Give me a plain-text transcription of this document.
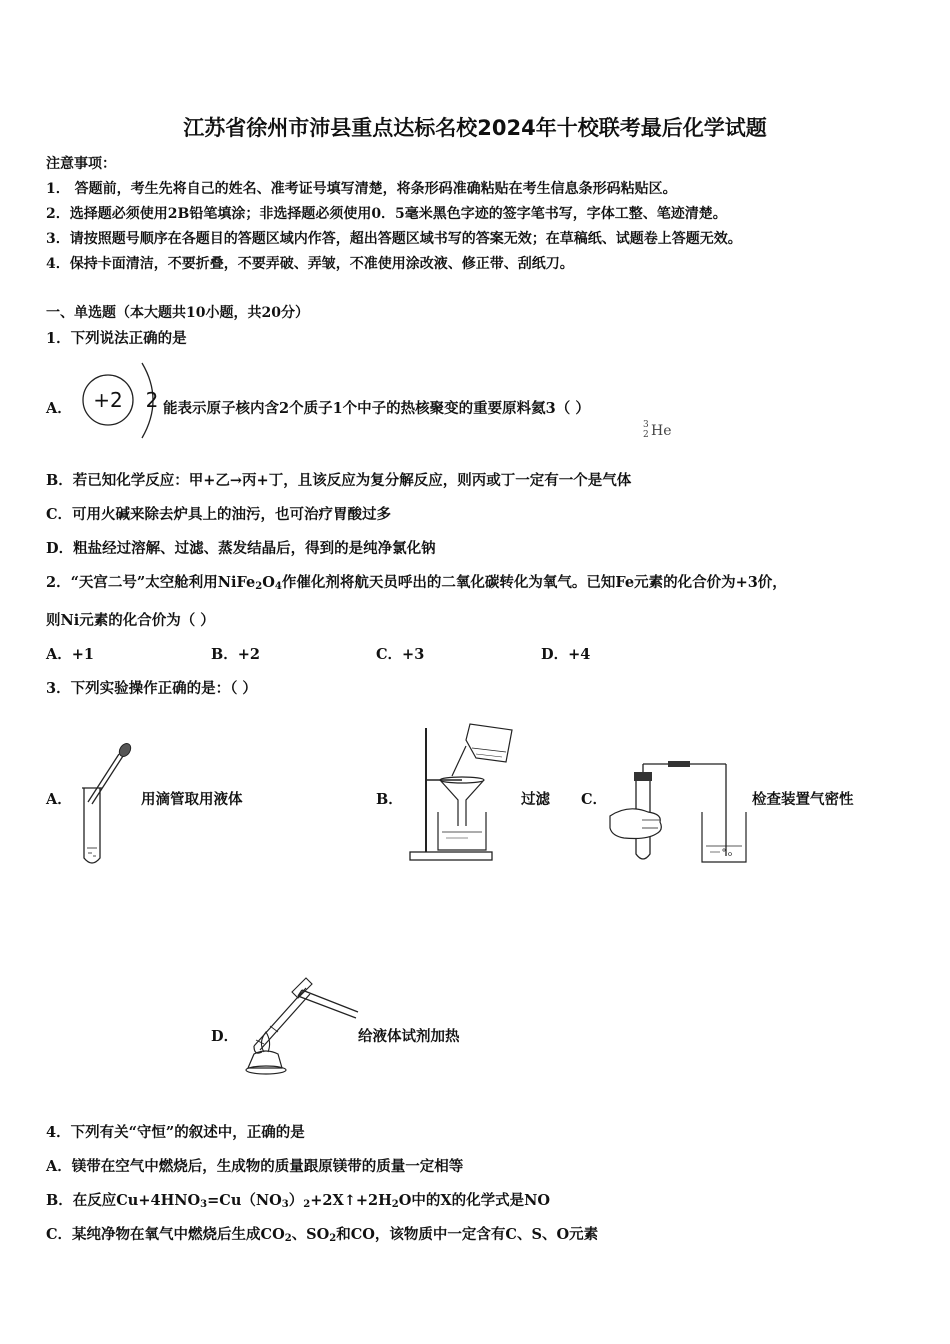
江苏省徐州市沛县重点达标名校2024年十校联考最后化学试题
注意事项：
1． 答题前，考生先将自己的姓名、准考证号填写清楚，将条形码准确粘贴在考生信息条形码粘贴区。
2．选择题必须使用2B铅笔填涂；非选择题必须使用0．5毫米黑色字迹的签字笔书写，字体工整、笔迹清楚。
3．请按照题号顺序在各题目的答题区域内作答，超出答题区域书写的答案无效；在草稿纸、试题卷上答题无效。
4．保持卡面清洁，不要折叠，不要弄破、弄皱，不准使用涂改液、修正带、刮纸刀。
一、单选题（本大题共10小题，共20分）
1．下列说法正确的是
A． +2 2 能表示原子核内含2个质子1个中子的热核聚变的重要原料氦3（ ）
3
2 He
B．若已知化学反应：甲+乙→丙+丁，且该反应为复分解反应，则丙或丁一定有一个是气体
C．可用火碱来除去炉具上的油污，也可治疗胃酸过多
D．粗盐经过溶解、过滤、蒸发结晶后，得到的是纯净氯化钠
2．“天宫二号”太空舱利用$NiFe_2O_4$作催化剂将航天员呼出的二氧化碳转化为氧气。已知Fe元素的化合价为+3价，
则Ni元素的化合价为（ ）
A．+1	B．+2	C．+3	D．+4
3．下列实验操作正确的是：（ ）
A．	用滴管取用液体	B．	过滤 C．	检查装置气密性
D．	给液体试剂加热
4．下列有关“守恒”的叙述中，正确的是
A．镁带在空气中燃烧后，生成物的质量跟原镁带的质量一定相等
B．在反应$Cu+4HNO_3=Cu(NO_3)_2+2X↑+2H_2O$中的X的化学式是NO
C．某纯净物在氧气中燃烧后生成$CO_2$、$SO_2$和CO，该物质中一定含有C、S、O元素
